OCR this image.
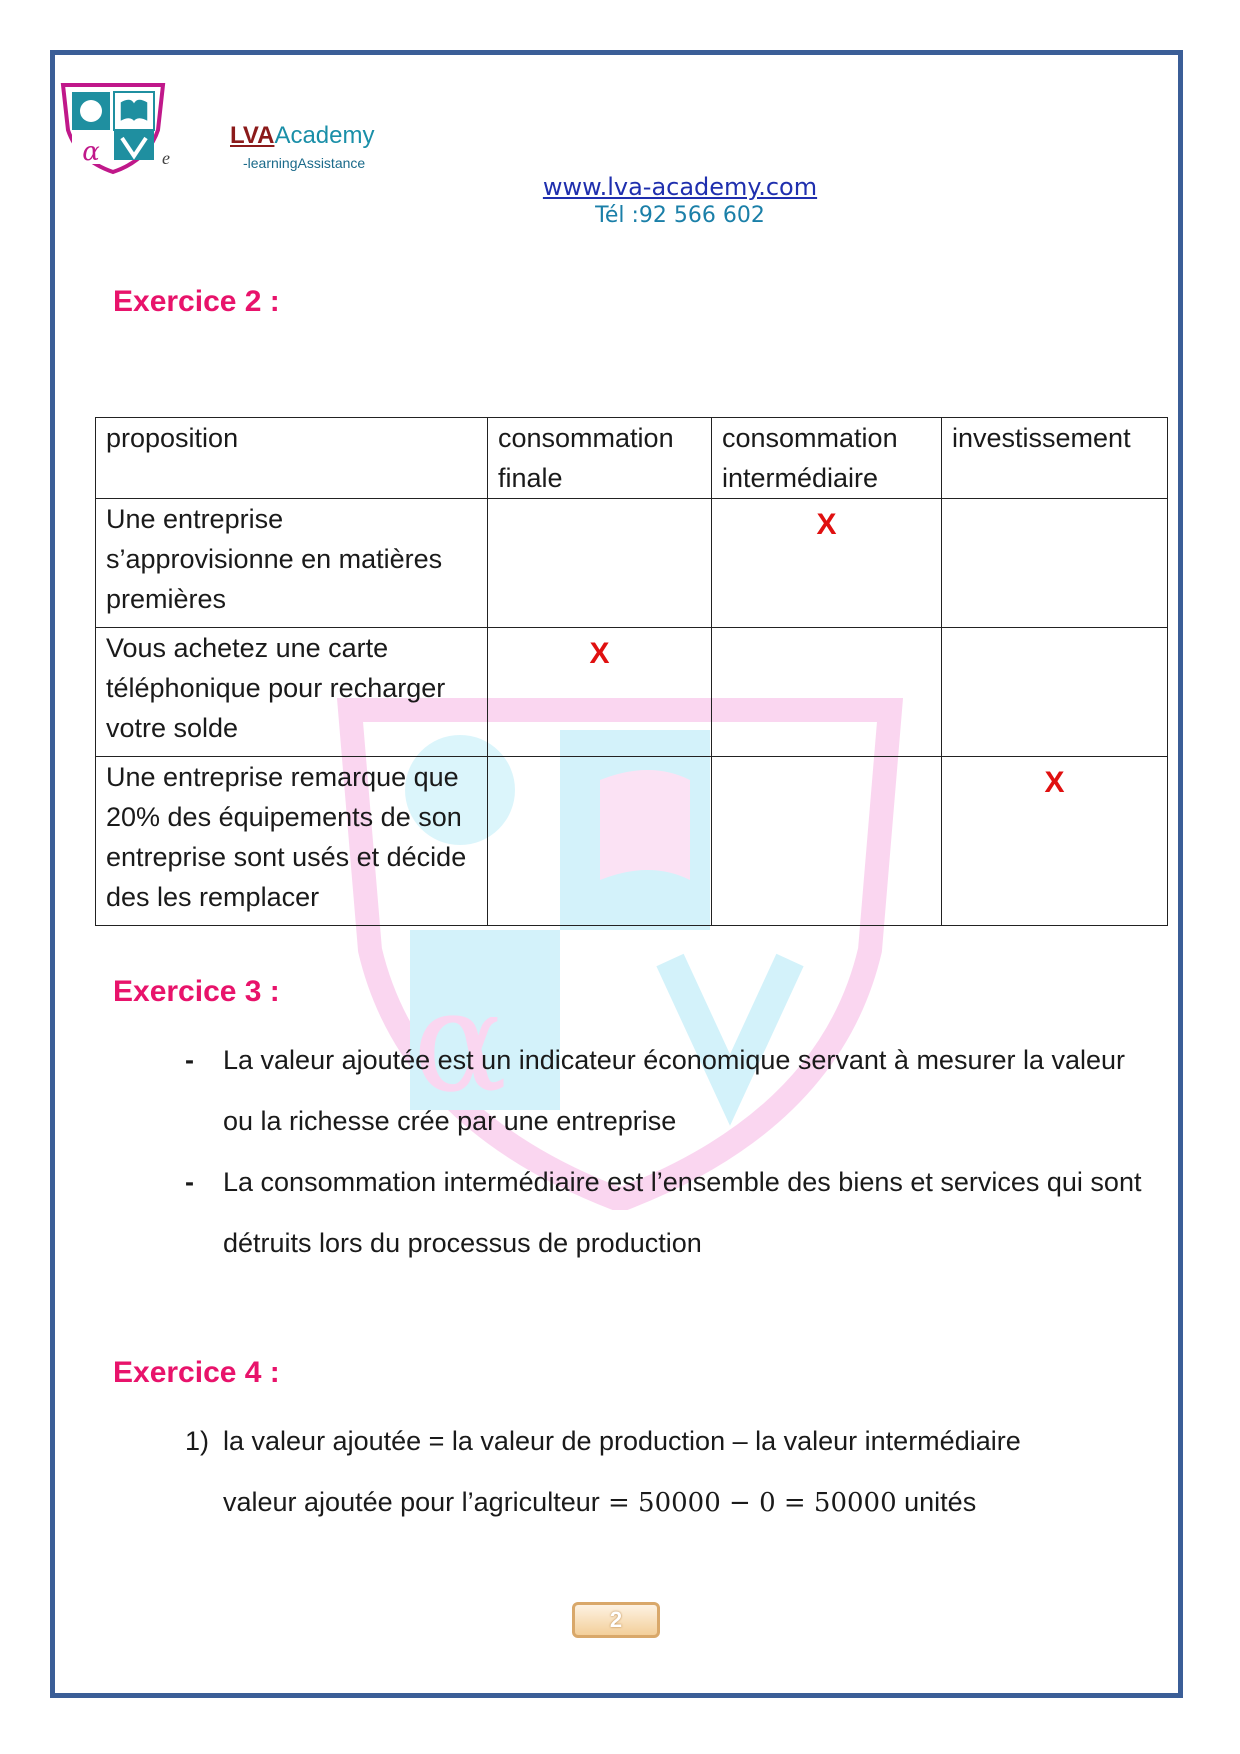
α
α	e
LVAAcademy
-learningAssistance
www.lva-academy.com
Tél :92 566 602
Exercice 2 :
proposition	consommation finale	consommation intermédiaire	investissement
Une entreprise s’approvisionne en matières premières		X	
Vous achetez une carte téléphonique pour recharger votre solde	X		
Une entreprise remarque que 20% des équipements de son entreprise sont usés et décide des les remplacer			X
Exercice 3 :
- La valeur ajoutée est un indicateur économique servant à mesurer la valeur ou la richesse crée par une entreprise
- La consommation intermédiaire est l’ensemble des biens et services qui sont détruits lors du processus de production
Exercice 4 :
1) la valeur ajoutée = la valeur de production – la valeur intermédiaire
valeur ajoutée pour l’agriculteur = 50000 − 0 = 50000 unités
2
